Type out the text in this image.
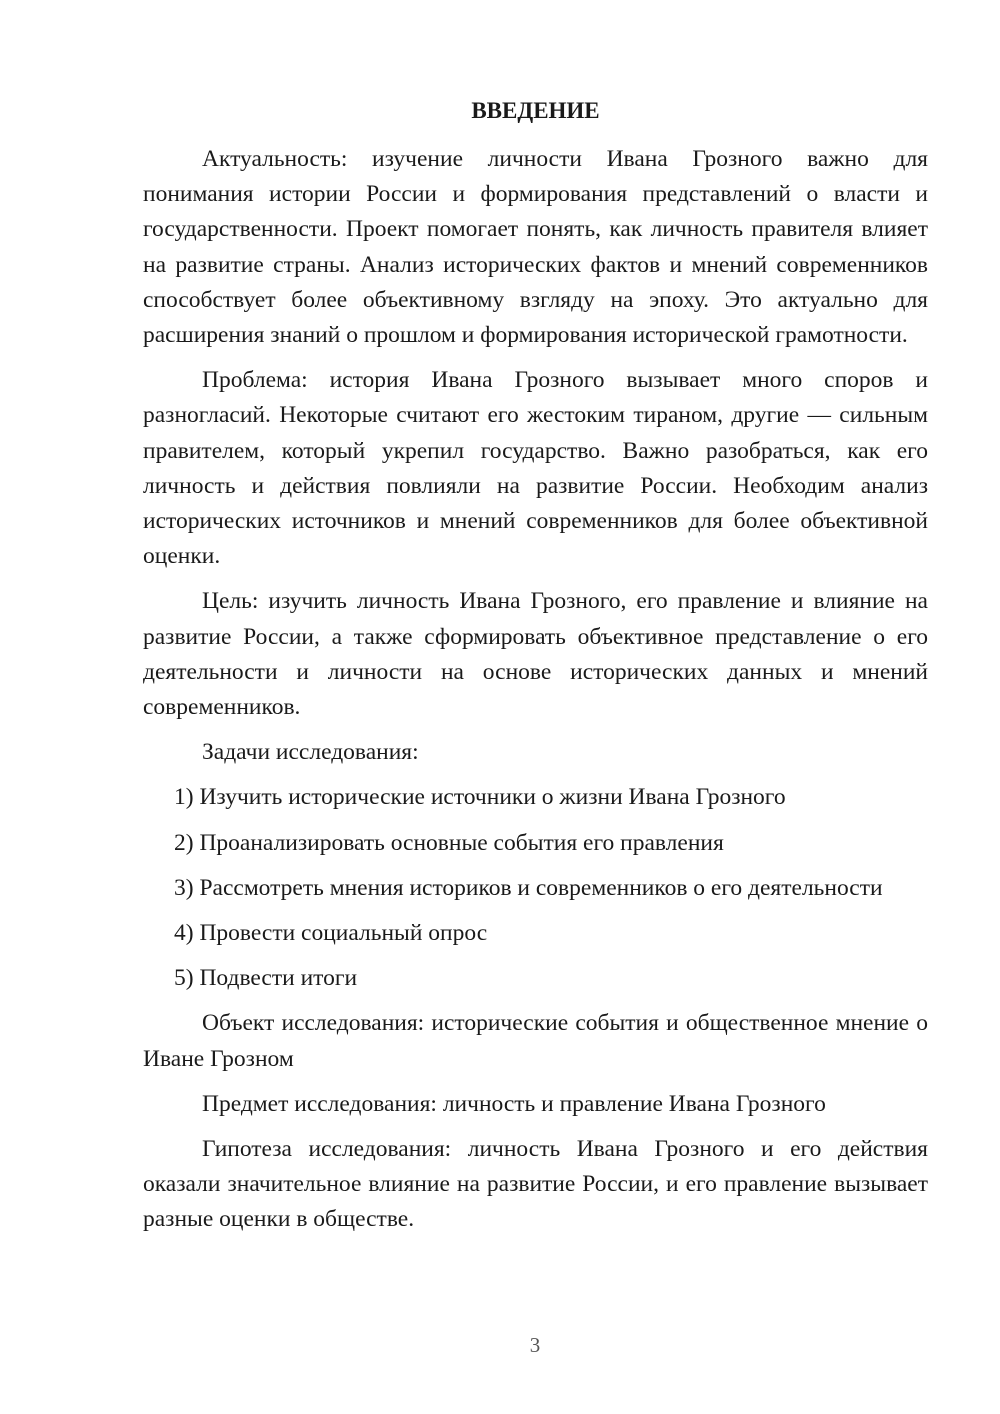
ВВЕДЕНИЕ

Актуальность: изучение личности Ивана Грозного важно для понимания истории России и формирования представлений о власти и государственности. Проект помогает понять, как личность правителя влияет на развитие страны. Анализ исторических фактов и мнений современников способствует более объективному взгляду на эпоху. Это актуально для расширения знаний о прошлом и формирования исторической грамотности.

Проблема: история Ивана Грозного вызывает много споров и разногласий. Некоторые считают его жестоким тираном, другие — сильным правителем, который укрепил государство. Важно разобраться, как его личность и действия повлияли на развитие России. Необходим анализ исторических источников и мнений современников для более объективной оценки.

Цель: изучить личность Ивана Грозного, его правление и влияние на развитие России, а также сформировать объективное представление о его деятельности и личности на основе исторических данных и мнений современников.

Задачи исследования:

1) Изучить исторические источники о жизни Ивана Грозного
2) Проанализировать основные события его правления
3) Рассмотреть мнения историков и современников о его деятельности
4) Провести социальный опрос
5) Подвести итоги

Объект исследования: исторические события и общественное мнение о Иване Грозном

Предмет исследования: личность и правление Ивана Грозного

Гипотеза исследования: личность Ивана Грозного и его действия оказали значительное влияние на развитие России, и его правление вызывает разные оценки в обществе.

3
